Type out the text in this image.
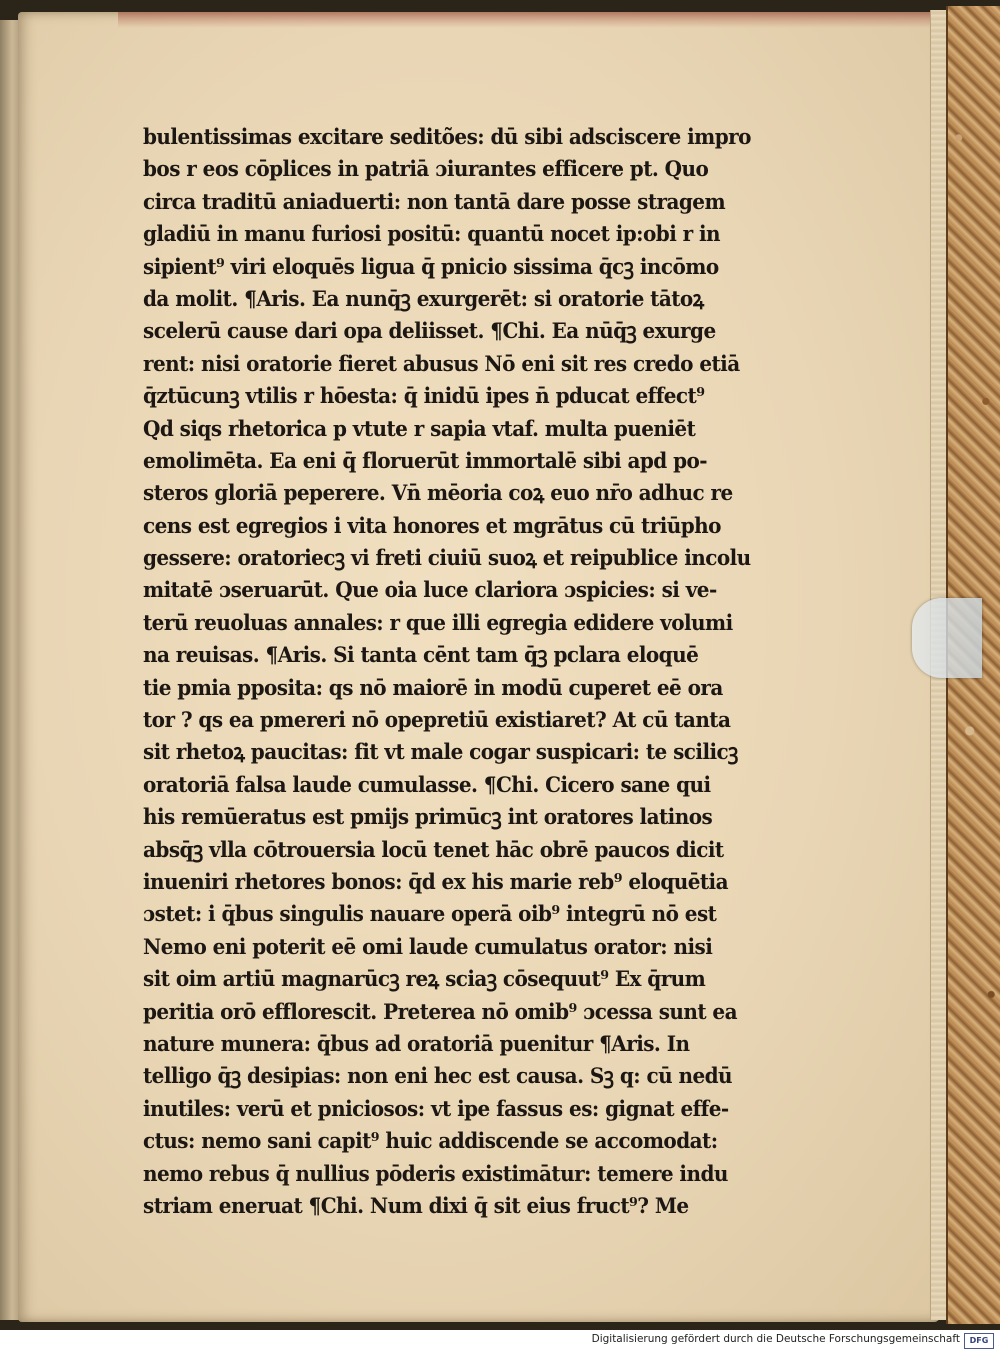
bulentissimas excitare seditões: dū sibi adsciscere impro
bos r eos cōplices in patriā ɔiurantes efficere pt. Quo
circa traditū aniaduerti: non tantā dare posse stragem
gladiū in manu furiosi positū: quantū nocet ip:obi r in
sipient⁹ viri eloquēs ligua q̄ pnicio sissima q̄cꝫ incōmo
da molit. ¶Aris. Ea nunq̄ꝫ exurgerēt: si oratorie tātoꝝ
scelerū cause dari opa deliisset. ¶Chi. Ea nūq̄ꝫ exurge
rent: nisi oratorie fieret abusus Nō eni sit res credo etiā
q̄ztūcunꝫ vtilis r hōesta: q̄ inidū ipes n̄ pducat effect⁹
Qd siqs rhetorica p vtute r sapia vtaf. multa pueniēt
emolimēta. Ea eni q̄ floruerūt immortalē sibi apd po-
steros gloriā peperere. Vn̄ mēoria coꝝ euo nr̄o adhuc re
cens est egregios i vita honores et mgrātus cū triūpho
gessere: oratoriecꝫ vi freti ciuiū suoꝝ et reipublice incolu
mitatē ɔseruarūt. Que oia luce clariora ɔspicies: si ve-
terū reuoluas annales: r que illi egregia edidere volumi
na reuisas. ¶Aris. Si tanta cēnt tam q̄ꝫ pclara eloquē
tie pmia pposita: qs nō maiorē in modū cuperet eē ora
tor ? qs ea pmereri nō opepretiū existiaret? At cū tanta
sit rhetoꝝ paucitas: fit vt male cogar suspicari: te scilicꝫ
oratoriā falsa laude cumulasse. ¶Chi. Cicero sane qui
his remūeratus est pmijs primūcꝫ int oratores latinos
absq̄ꝫ vlla cōtrouersia locū tenet hāc obrē paucos dicit
inueniri rhetores bonos: q̄d ex his marie reb⁹ eloquētia
ɔstet: i q̄bus singulis nauare operā oib⁹ integrū nō est
Nemo eni poterit eē omi laude cumulatus orator: nisi
sit oim artiū magnarūcꝫ reꝝ sciaꝫ cōsequut⁹ Ex q̄rum
peritia orō efflorescit. Preterea nō omib⁹ ɔcessa sunt ea
nature munera: q̄bus ad oratoriā puenitur ¶Aris. In
telligo q̄ꝫ desipias: non eni hec est causa. Sꝫ q: cū nedū
inutiles: verū et pniciosos: vt ipe fassus es: gignat effe-
ctus: nemo sani capit⁹ huic addiscende se accomodat:
nemo rebus q̄ nullius pōderis existimātur: temere indu
striam eneruat ¶Chi. Num dixi q̄ sit eius fruct⁹? Me
Digitalisierung gefördert durch die Deutsche Forschungsgemeinschaft	DFG
